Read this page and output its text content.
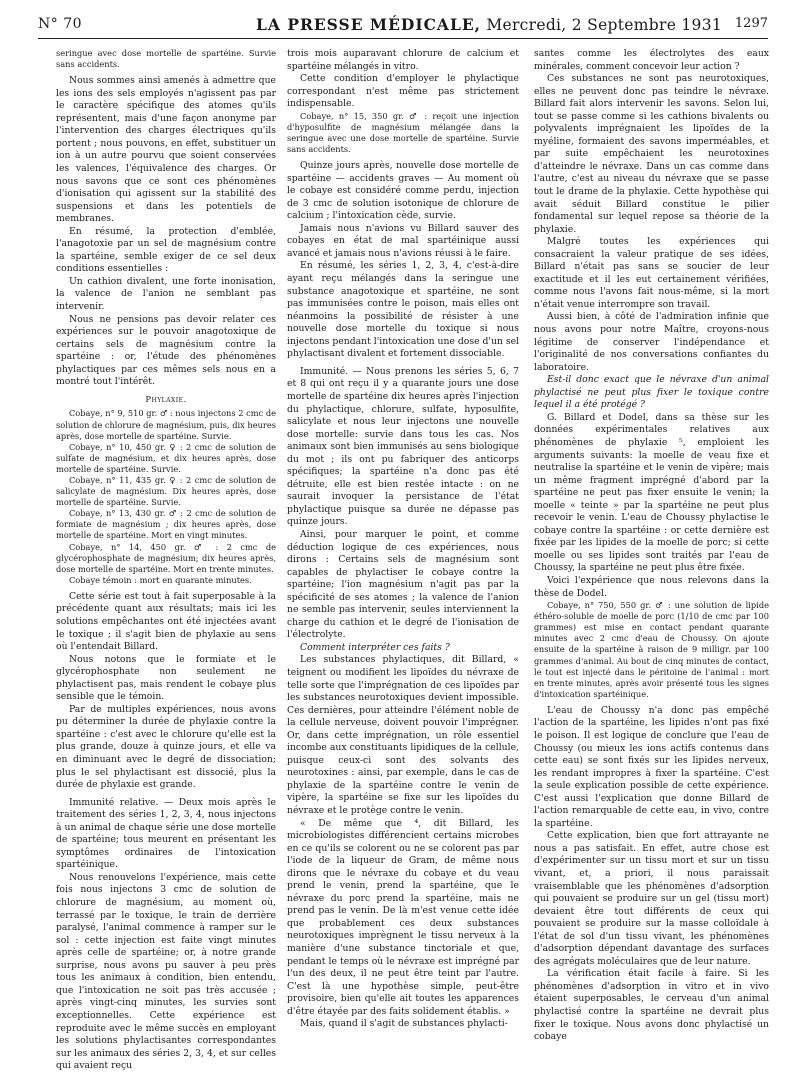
N° 70	LA PRESSE MÉDICALE, Mercredi, 2 Septembre 1931 1297

seringue avec dose mortelle de spartéine. Survie sans accidents.

Nous sommes ainsi amenés à admettre que les ions des sels employés n'agissent pas par le caractère spécifique des atomes qu'ils représentent, mais d'une façon anonyme par l'intervention des charges électriques qu'ils portent ; nous pouvons, en effet, substituer un ion à un autre pourvu que soient conservées les valences, l'équivalence des charges. Or nous savons que ce sont ces phénomènes d'ionisation qui agissent sur la stabilité des suspensions et dans les potentiels de membranes.

En résumé, la protection d'emblée, l'anagotoxie par un sel de magnésium contre la spartéine, semble exiger de ce sel deux conditions essentielles :

Un cathion divalent, une forte inonisation, la valence de l'anion ne semblant pas intervenir.

Nous ne pensions pas devoir relater ces expériences sur le pouvoir anagotoxique de certains sels de magnésium contre la spartéine : or, l'étude des phénomènes phylactiques par ces mêmes sels nous en a montré tout l'intérêt.

Phylaxie.

Cobaye, n° 9, 510 gr. ♂ : nous injectons 2 cmc de solution de chlorure de magnésium, puis, dix heures après, dose mortelle de spartéine. Survie.

Cobaye, n° 10, 450 gr. ♀ : 2 cmc de solution de sulfate de magnésium, et dix heures après, dose mortelle de spartéine. Survie.

Cobaye, n° 11, 435 gr. ♀ : 2 cmc de solution de salicylate de magnésium. Dix heures après, dose mortelle de spartéine. Survie.

Cobaye, n° 13, 430 gr. ♂ : 2 cmc de solution de formiate de magnésium ; dix heures après, dose mortelle de spartéine. Mort en vingt minutes.

Cobaye, n° 14, 450 gr. ♂ : 2 cmc de glycérophosphate de magnésium; dix heures après, dose mortelle de spartéine. Mort en trente minutes.

Cobaye témoin : mort en quarante minutes.

Cette série est tout à fait superposable à la précédente quant aux résultats; mais ici les solutions empêchantes ont été injectées avant le toxique ; il s'agit bien de phylaxie au sens où l'entendait Billard.

Nous notons que le formiate et le glycérophosphate non seulement ne phylactisent pas, mais rendent le cobaye plus sensible que le témoin.

Par de multiples expériences, nous avons pu déterminer la durée de phylaxie contre la spartéine : c'est avec le chlorure qu'elle est la plus grande, douze à quinze jours, et elle va en diminuant avec le degré de dissociation; plus le sel phylactisant est dissocié, plus la durée de phylaxie est grande.

Immunité relative. — Deux mois après le traitement des séries 1, 2, 3, 4, nous injectons à un animal de chaque série une dose mortelle de spartéine; tous meurent en présentant les symptômes ordinaires de l'intoxication spartéinique.

Nous renouvelons l'expérience, mais cette fois nous injectons 3 cmc de solution de chlorure de magnésium, au moment où, terrassé par le toxique, le train de derrière paralysé, l'animal commence à ramper sur le sol : cette injection est faite vingt minutes après celle de spartéine; or, à notre grande surprise, nous avons pu sauver à peu près tous les animaux à condition, bien entendu, que l'intoxication ne soit pas très accusée ; après vingt-cinq minutes, les survies sont exceptionnelles. Cette expérience est reproduite avec le même succès en employant les solutions phylactisantes correspondantes sur les animaux des séries 2, 3, 4, et sur celles qui avaient reçu

trois mois auparavant chlorure de calcium et spartéine mélangés in vitro.

Cette condition d'employer le phylactique correspondant n'est même pas strictement indispensable.

Cobaye, n° 15, 350 gr. ♂ : reçoit une injection d'hyposulfite de magnésium mélangée dans la seringue avec une dose mortelle de spartéine. Survie sans accidents.

Quinze jours après, nouvelle dose mortelle de spartéine — accidents graves — Au moment où le cobaye est considéré comme perdu, injection de 3 cmc de solution isotonique de chlorure de calcium ; l'intoxication cède, survie.

Jamais nous n'avions vu Billard sauver des cobayes en état de mal spartéinique aussi avancé et jamais nous n'avions réussi à le faire.

En résumé, les séries 1, 2, 3, 4, c'est-à-dire ayant reçu mélangés dans la seringue une substance anagotoxique et spartéine, ne sont pas immunisées contre le poison, mais elles ont néanmoins la possibilité de résister à une nouvelle dose mortelle du toxique si nous injectons pendant l'intoxication une dose d'un sel phylactisant divalent et fortement dissociable.

Immunité. — Nous prenons les séries 5, 6, 7 et 8 qui ont reçu il y a quarante jours une dose mortelle de spartéine dix heures après l'injection du phylactique, chlorure, sulfate, hyposulfite, salicylate et nous leur injectons une nouvelle dose mortelle: survie dans tous les cas. Nos animaux sont bien immunisés au sens biologique du mot ; ils ont pu fabriquer des anticorps spécifiques; la spartéine n'a donc pas été détruite, elle est bien restée intacte : on ne saurait invoquer la persistance de l'état phylactique puisque sa durée ne dépasse pas quinze jours.

Ainsi, pour marquer le point, et comme déduction logique de ces expériences, nous dirons : Certains sels de magnésium sont capables de phylactiser le cobaye contre la spartéine; l'ion magnésium n'agit pas par la spécificité de ses atomes ; la valence de l'anion ne semble pas intervenir, seules interviennent la charge du cathion et le degré de l'ionisation de l'électrolyte.

Comment interpréter ces faits ?

Les substances phylactiques, dit Billard, « teignent ou modifient les lipoïdes du névraxe de telle sorte que l'imprégnation de ces lipoïdes par les substances neurotoxiques devient impossible. Ces dernières, pour atteindre l'élément noble de la cellule nerveuse, doivent pouvoir l'imprégner. Or, dans cette imprégnation, un rôle essentiel incombe aux constituants lipidiques de la cellule, puisque ceux-ci sont des solvants des neurotoxines : ainsi, par exemple, dans le cas de phylaxie de la spartéine contre le venin de vipère, la spartéine se fixe sur les lipoïdes du névraxe et le protège contre le venin.

« De même que ⁴, dit Billard, les microbiologistes différencient certains microbes en ce qu'ils se colorent ou ne se colorent pas par l'iode de la liqueur de Gram, de même nous dirons que le névraxe du cobaye et du veau prend le venin, prend la spartéine, que le névraxe du porc prend la spartéine, mais ne prend pas le venin. De là m'est venue cette idée que probablement ces deux substances neurotoxiques imprègnent le tissu nerveux à la manière d'une substance tinctoriale et que, pendant le temps où le névraxe est imprégné par l'un des deux, il ne peut être teint par l'autre. C'est là une hypothèse simple, peut-être provisoire, bien qu'elle ait toutes les apparences d'être étayée par des faits solidement établis. »

Mais, quand il s'agit de substances phylacti-

santes comme les électrolytes des eaux minérales, comment concevoir leur action ?

Ces substances ne sont pas neurotoxiques, elles ne peuvent donc pas teindre le névraxe. Billard fait alors intervenir les savons. Selon lui, tout se passe comme si les cathions bivalents ou polyvalents imprégnaient les lipoïdes de la myéline, formaient des savons imperméables, et par suite empêchaient les neurotoxines d'atteindre le névraxe. Dans un cas comme dans l'autre, c'est au niveau du névraxe que se passe tout le drame de la phylaxie. Cette hypothèse qui avait séduit Billard constitue le pilier fondamental sur lequel repose sa théorie de la phylaxie.

Malgré toutes les expériences qui consacraient la valeur pratique de ses idées, Billard n'était pas sans se soucier de leur exactitude et il les eut certainement vérifiées, comme nous l'avons fait nous-même, si la mort n'était venue interrompre son travail.

Aussi bien, à côté de l'admiration infinie que nous avons pour notre Maître, croyons-nous légitime de conserver l'indépendance et l'originalité de nos conversations confiantes du laboratoire.

Est-il donc exact que le névraxe d'un animal phylactisé ne peut plus fixer le toxique contre lequel il a été protégé ?

G. Billard et Dodel, dans sa thèse sur les données expérimentales relatives aux phénomènes de phylaxie ⁵, emploient les arguments suivants: la moelle de veau fixe et neutralise la spartéine et le venin de vipère; mais un même fragment imprégné d'abord par la spartéine ne peut pas fixer ensuite le venin; la moelle « teinte » par la spartéine ne peut plus recevoir le venin. L'eau de Choussy phylactise le cobaye contre la spartéine : or cette dernière est fixée par les lipides de la moelle de porc; si cette moelle ou ses lipides sont traités par l'eau de Choussy, la spartéine ne peut plus être fixée.

Voici l'expérience que nous relevons dans la thèse de Dodel.

Cobaye, n° 750, 550 gr. ♂ : une solution de lipide éthéro-soluble de moelle de porc (1/10 de cmc par 100 grammes) est mise en contact pendant quarante minutes avec 2 cmc d'eau de Choussy. On ajoute ensuite de la spartéine à raison de 9 milligr. par 100 grammes d'animal. Au bout de cinq minutes de contact, le tout est injecté dans le péritoine de l'animal : mort en trente minutes, après avoir présenté tous les signes d'intoxication spartéinique.

L'eau de Choussy n'a donc pas empêché l'action de la spartéine, les lipides n'ont pas fixé le poison. Il est logique de conclure que l'eau de Choussy (ou mieux les ions actifs contenus dans cette eau) se sont fixés sur les lipides nerveux, les rendant impropres à fixer la spartéine. C'est la seule explication possible de cette expérience. C'est aussi l'explication que donne Billard de l'action remarquable de cette eau, in vivo, contre la spartéine.

Cette explication, bien que fort attrayante ne nous a pas satisfait. En effet, autre chose est d'expérimenter sur un tissu mort et sur un tissu vivant, et, a priori, il nous paraissait vraisemblable que les phénomènes d'adsorption qui pouvaient se produire sur un gel (tissu mort) devaient être tout différents de ceux qui pouvaient se produire sur la masse colloïdale à l'état de sol d'un tissu vivant, les phénomènes d'adsorption dépendant davantage des surfaces des agrégats moléculaires que de leur nature.

La vérification était facile à faire. Si les phénomènes d'adsorption in vitro et in vivo étaient superposables, le cerveau d'un animal phylactisé contre la spartéine ne devrait plus fixer le toxique. Nous avons donc phylactisé un cobaye
